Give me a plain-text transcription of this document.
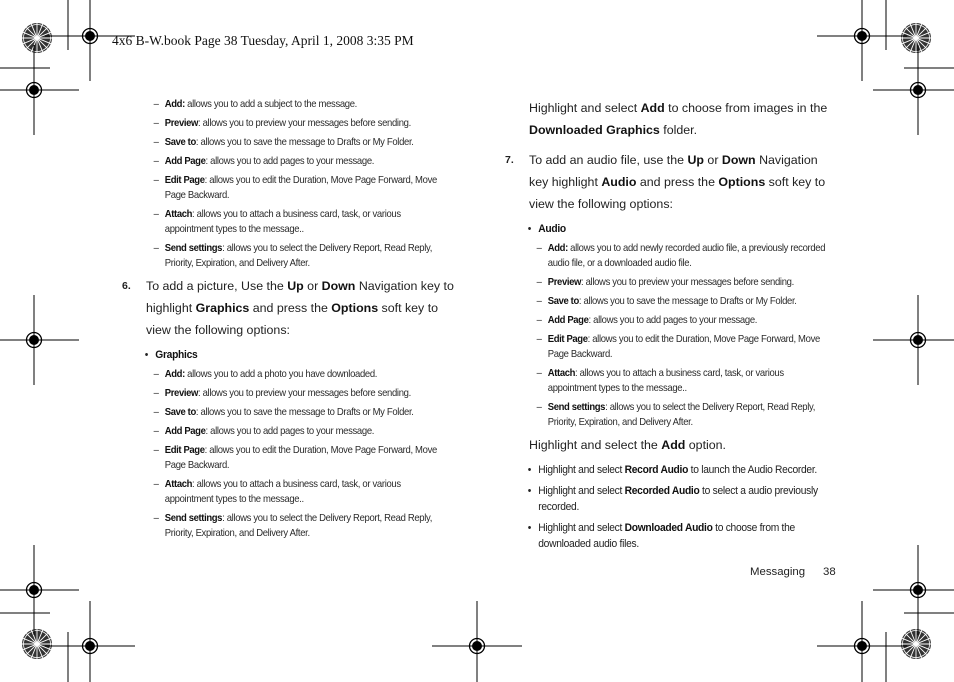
4x6 B-W.book Page 38 Tuesday, April 1, 2008 3:35 PM
– Add: allows you to add a subject to the message.
– Preview: allows you to preview your messages before sending.
– Save to: allows you to save the message to Drafts or My Folder.
– Add Page: allows you to add pages to your message.
– Edit Page: allows you to edit the Duration, Move Page Forward, Move Page Backward.
– Attach: allows you to attach a business card, task, or various appointment types to the message..
– Send settings: allows you to select the Delivery Report, Read Reply, Priority, Expiration, and Delivery After.
6. To add a picture, Use the Up or Down Navigation key to highlight Graphics and press the Options soft key to view the following options:
• Graphics
– Add: allows you to add a photo you have downloaded.
– Preview: allows you to preview your messages before sending.
– Save to: allows you to save the message to Drafts or My Folder.
– Add Page: allows you to add pages to your message.
– Edit Page: allows you to edit the Duration, Move Page Forward, Move Page Backward.
– Attach: allows you to attach a business card, task, or various appointment types to the message..
– Send settings: allows you to select the Delivery Report, Read Reply, Priority, Expiration, and Delivery After.
Highlight and select Add to choose from images in the Downloaded Graphics folder.
7. To add an audio file, use the Up or Down Navigation key highlight Audio and press the Options soft key to view the following options:
• Audio
– Add: allows you to add newly recorded audio file, a previously recorded audio file, or a downloaded audio file.
– Preview: allows you to preview your messages before sending.
– Save to: allows you to save the message to Drafts or My Folder.
– Add Page: allows you to add pages to your message.
– Edit Page: allows you to edit the Duration, Move Page Forward, Move Page Backward.
– Attach: allows you to attach a business card, task, or various appointment types to the message..
– Send settings: allows you to select the Delivery Report, Read Reply, Priority, Expiration, and Delivery After.
Highlight and select the Add option.
• Highlight and select Record Audio to launch the Audio Recorder.
• Highlight and select Recorded Audio to select a audio previously recorded.
• Highlight and select Downloaded Audio to choose from the downloaded audio files.
Messaging 38
